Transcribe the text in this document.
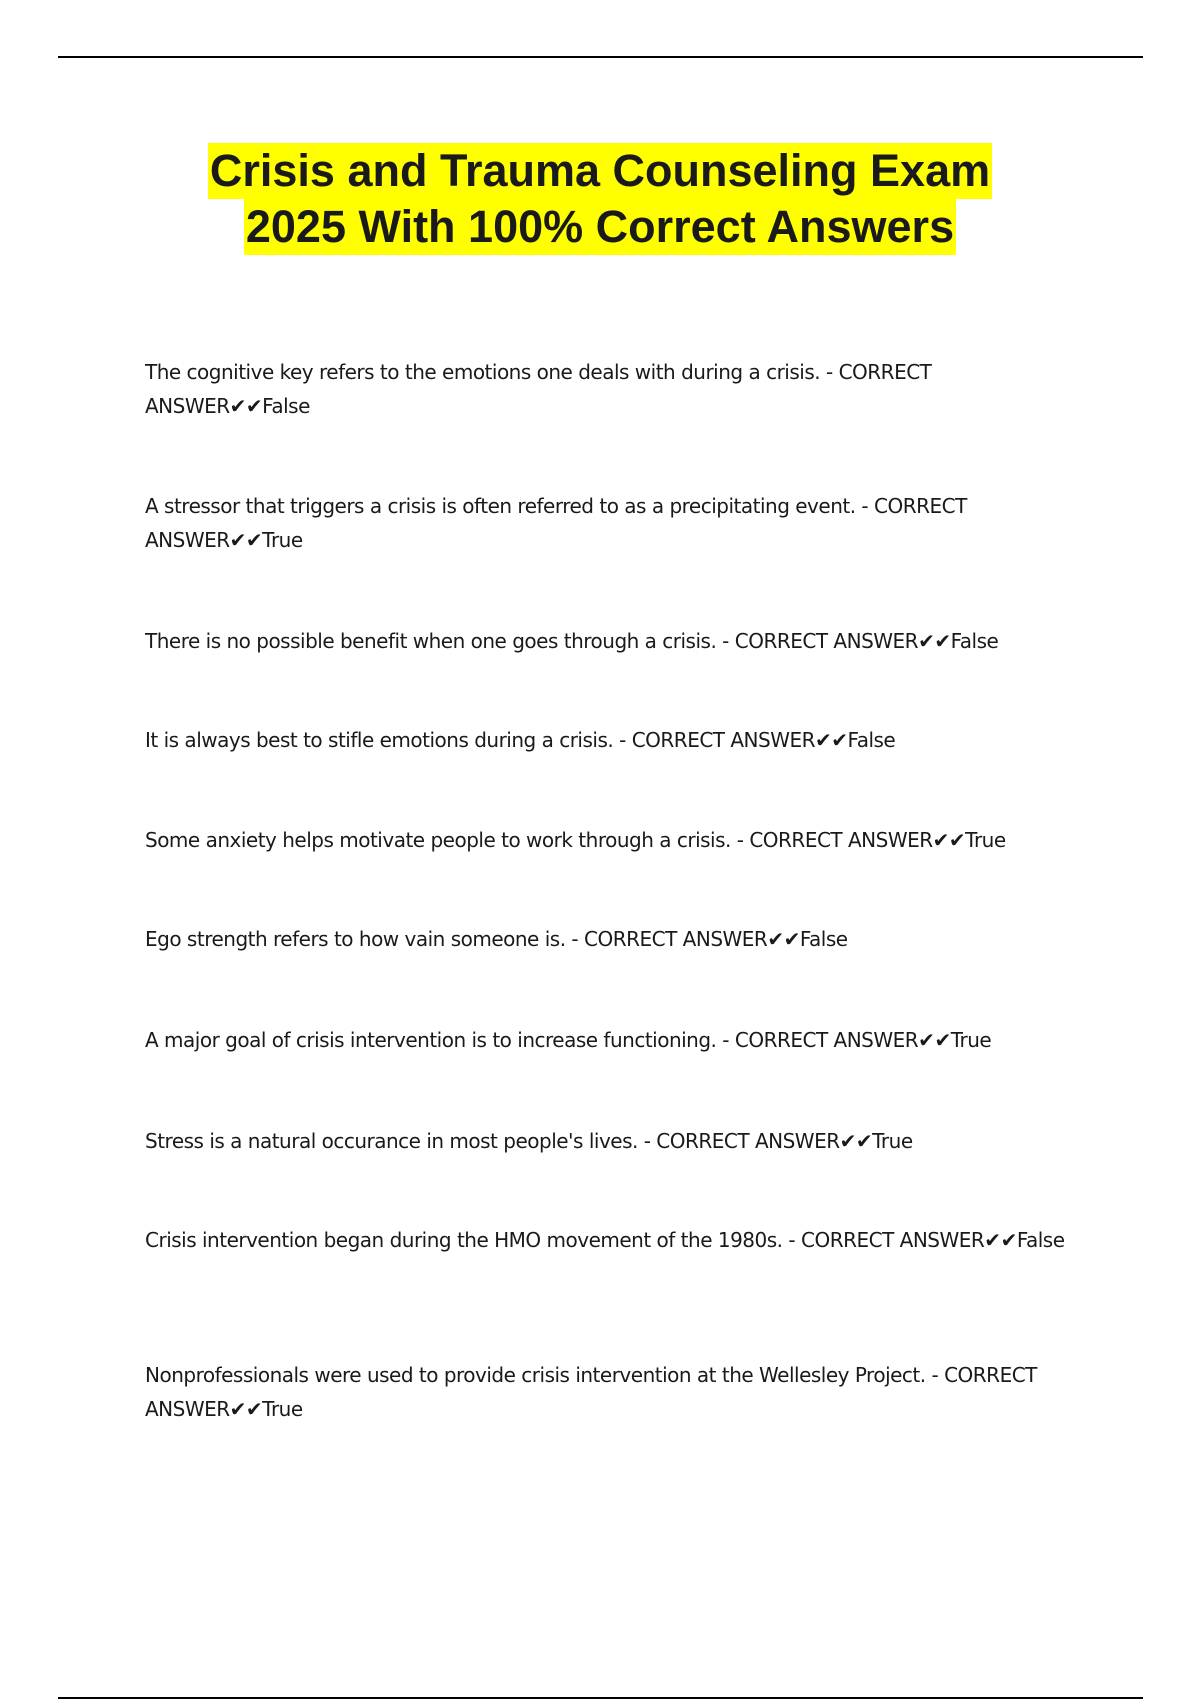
Crisis and Trauma Counseling Exam
2025 With 100% Correct Answers
The cognitive key refers to the emotions one deals with during a crisis. - CORRECT ANSWER✔✔False
A stressor that triggers a crisis is often referred to as a precipitating event. - CORRECT ANSWER✔✔True
There is no possible benefit when one goes through a crisis. - CORRECT ANSWER✔✔False
It is always best to stifle emotions during a crisis. - CORRECT ANSWER✔✔False
Some anxiety helps motivate people to work through a crisis. - CORRECT ANSWER✔✔True
Ego strength refers to how vain someone is. - CORRECT ANSWER✔✔False
A major goal of crisis intervention is to increase functioning. - CORRECT ANSWER✔✔True
Stress is a natural occurance in most people's lives. - CORRECT ANSWER✔✔True
Crisis intervention began during the HMO movement of the 1980s. - CORRECT ANSWER✔✔False
Nonprofessionals were used to provide crisis intervention at the Wellesley Project. - CORRECT ANSWER✔✔True
